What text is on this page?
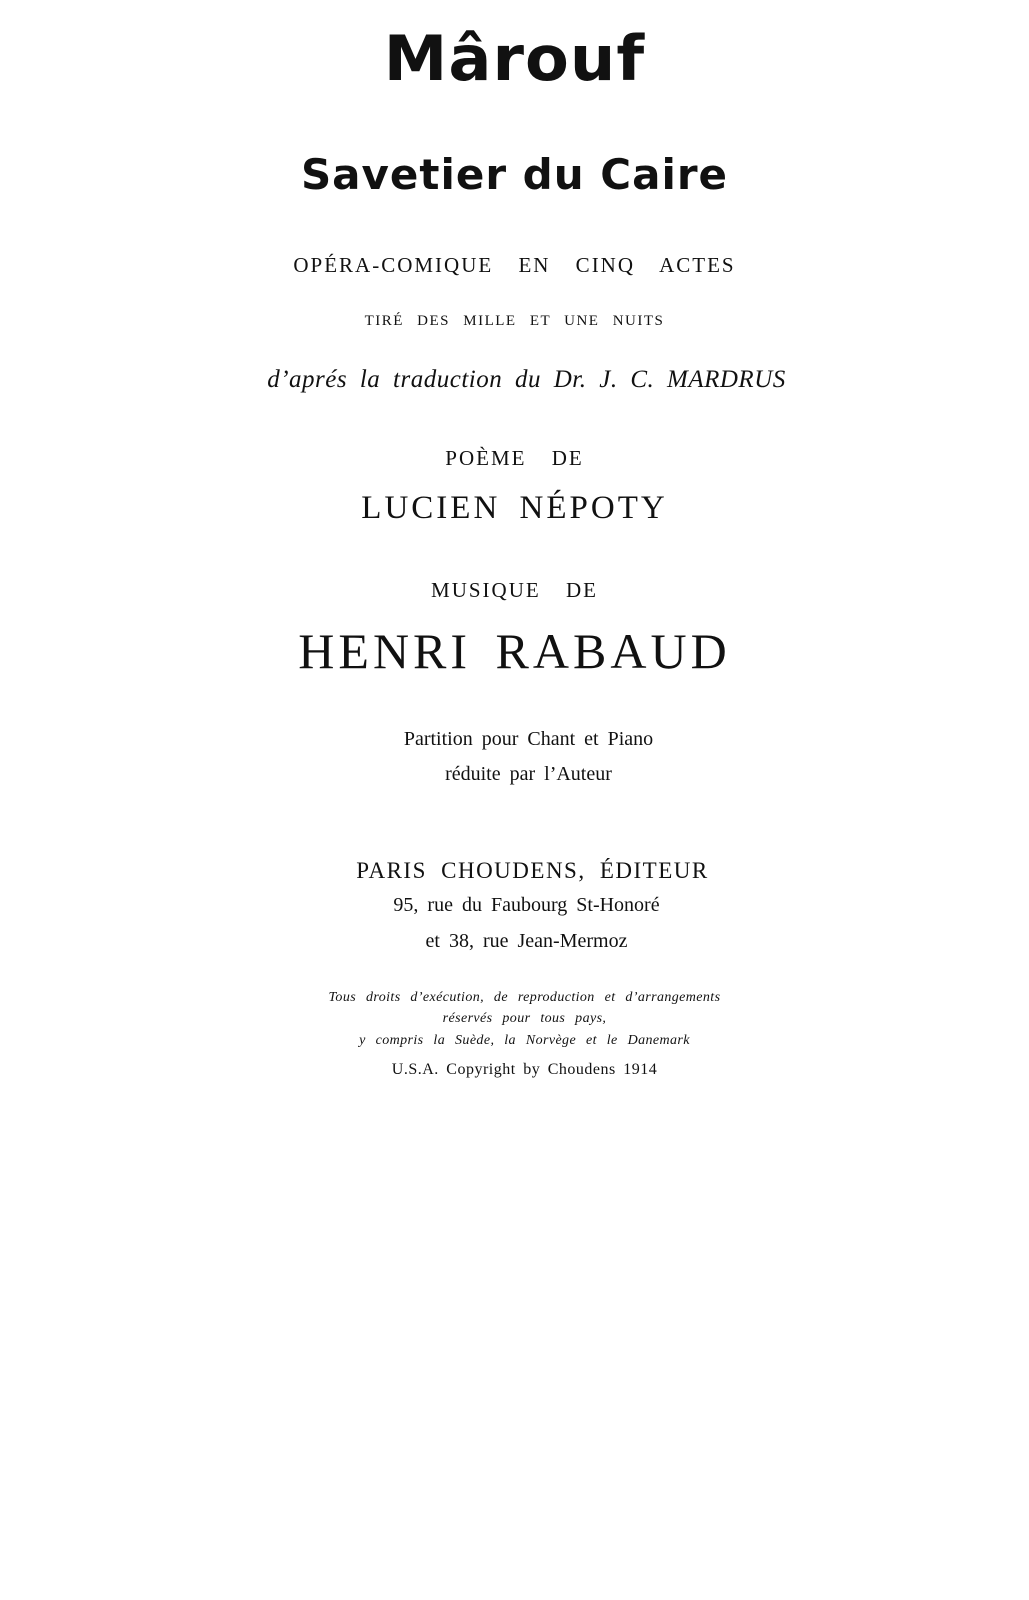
Mârouf
Savetier du Caire
OPÉRA-COMIQUE EN CINQ ACTES
TIRÉ DES MILLE ET UNE NUITS
d’aprés la traduction du Dr. J. C. MARDRUS
POÈME DE
LUCIEN NÉPOTY
MUSIQUE DE
HENRI RABAUD
Partition pour Chant et Piano
réduite par l’Auteur
PARIS CHOUDENS, ÉDITEUR
95, rue du Faubourg St-Honoré
et 38, rue Jean-Mermoz
Tous droits d’exécution, de reproduction et d’arrangements
réservés pour tous pays,
y compris la Suède, la Norvège et le Danemark
U.S.A. Copyright by Choudens 1914
